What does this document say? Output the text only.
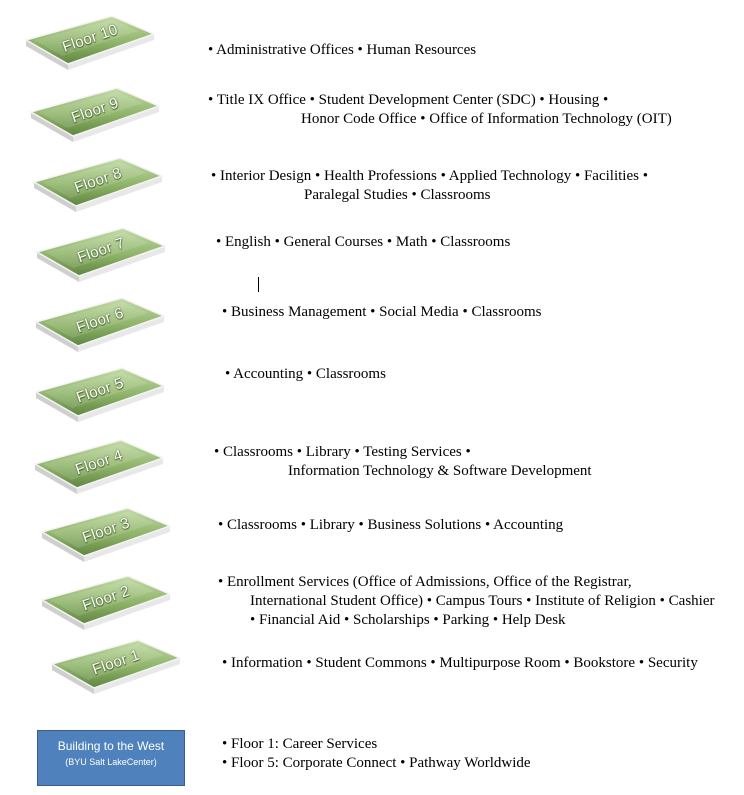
Floor 10
Floor 9
Floor 8
Floor 7
Floor 6
Floor 5
Floor 4
Floor 3
Floor 2
Floor 1
• Administrative Offices • Human Resources
• Title IX Office • Student Development Center (SDC) • Housing •
Honor Code Office • Office of Information Technology (OIT)
• Interior Design • Health Professions • Applied Technology • Facilities •
Paralegal Studies • Classrooms
• English • General Courses • Math • Classrooms
• Business Management • Social Media • Classrooms
• Accounting • Classrooms
• Classrooms • Library • Testing Services •
Information Technology & Software Development
• Classrooms • Library • Business Solutions • Accounting
• Enrollment Services (Office of Admissions, Office of the Registrar,
International Student Office) • Campus Tours • Institute of Religion • Cashier
• Financial Aid • Scholarships • Parking • Help Desk
• Information • Student Commons • Multipurpose Room • Bookstore • Security
Building to the West
(BYU Salt LakeCenter)
• Floor 1: Career Services
• Floor 5: Corporate Connect • Pathway Worldwide
